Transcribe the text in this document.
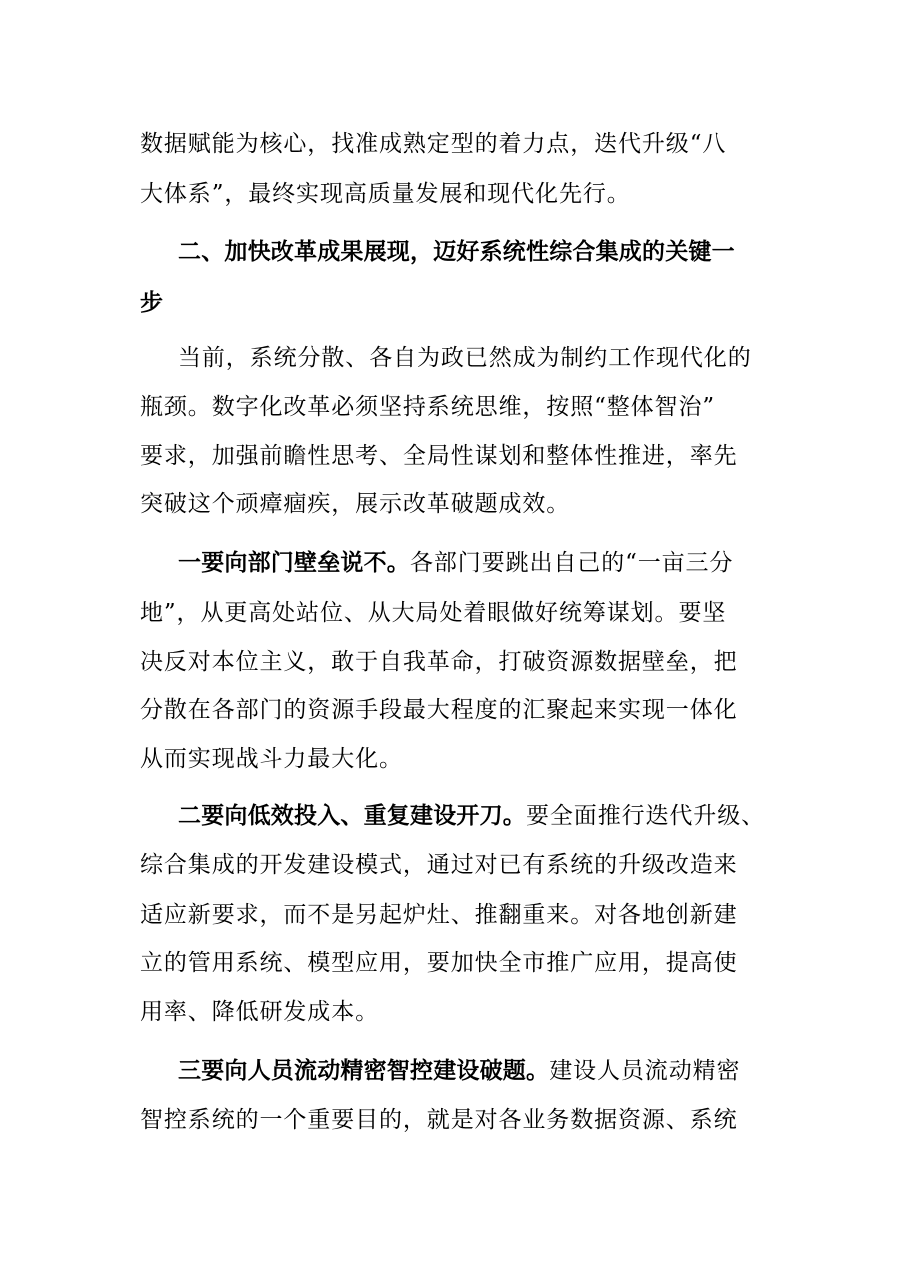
数据赋能为核心，找准成熟定型的着力点，迭代升级“八
大体系”，最终实现高质量发展和现代化先行。
二、加快改革成果展现，迈好系统性综合集成的关键一
步
当前，系统分散、各自为政已然成为制约工作现代化的
瓶颈。数字化改革必须坚持系统思维，按照“整体智治”
要求，加强前瞻性思考、全局性谋划和整体性推进，率先
突破这个顽瘴痼疾，展示改革破题成效。
一要向部门壁垒说不。各部门要跳出自己的“一亩三分
地”，从更高处站位、从大局处着眼做好统筹谋划。要坚
决反对本位主义，敢于自我革命，打破资源数据壁垒，把
分散在各部门的资源手段最大程度的汇聚起来实现一体化
从而实现战斗力最大化。
二要向低效投入、重复建设开刀。要全面推行迭代升级、
综合集成的开发建设模式，通过对已有系统的升级改造来
适应新要求，而不是另起炉灶、推翻重来。对各地创新建
立的管用系统、模型应用，要加快全市推广应用，提高使
用率、降低研发成本。
三要向人员流动精密智控建设破题。建设人员流动精密
智控系统的一个重要目的，就是对各业务数据资源、系统
